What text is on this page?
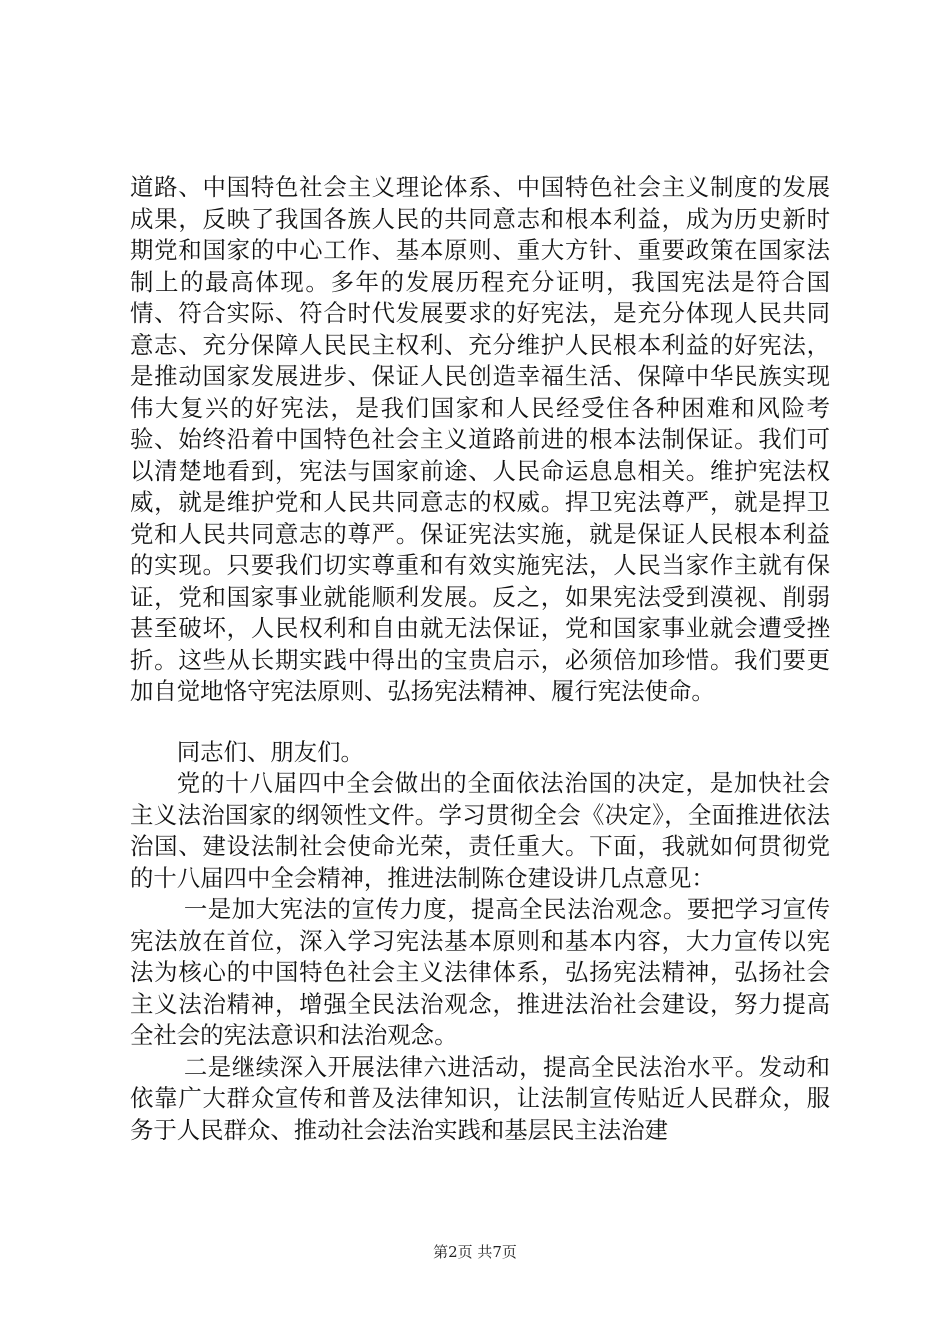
道路、中国特色社会主义理论体系、中国特色社会主义制度的发展成果，反映了我国各族人民的共同意志和根本利益，成为历史新时期党和国家的中心工作、基本原则、重大方针、重要政策在国家法制上的最高体现。多年的发展历程充分证明，我国宪法是符合国情、符合实际、符合时代发展要求的好宪法，是充分体现人民共同意志、充分保障人民民主权利、充分维护人民根本利益的好宪法，是推动国家发展进步、保证人民创造幸福生活、保障中华民族实现伟大复兴的好宪法，是我们国家和人民经受住各种困难和风险考验、始终沿着中国特色社会主义道路前进的根本法制保证。我们可以清楚地看到，宪法与国家前途、人民命运息息相关。维护宪法权威，就是维护党和人民共同意志的权威。捍卫宪法尊严，就是捍卫党和人民共同意志的尊严。保证宪法实施，就是保证人民根本利益的实现。只要我们切实尊重和有效实施宪法，人民当家作主就有保证，党和国家事业就能顺利发展。反之，如果宪法受到漠视、削弱甚至破坏，人民权利和自由就无法保证，党和国家事业就会遭受挫折。这些从长期实践中得出的宝贵启示，必须倍加珍惜。我们要更加自觉地恪守宪法原则、弘扬宪法精神、履行宪法使命。

同志们、朋友们。

党的十八届四中全会做出的全面依法治国的决定，是加快社会主义法治国家的纲领性文件。学习贯彻全会《决定》，全面推进依法治国、建设法制社会使命光荣，责任重大。下面，我就如何贯彻党的十八届四中全会精神，推进法制陈仓建设讲几点意见：

一是加大宪法的宣传力度，提高全民法治观念。要把学习宣传宪法放在首位，深入学习宪法基本原则和基本内容，大力宣传以宪法为核心的中国特色社会主义法律体系，弘扬宪法精神，弘扬社会主义法治精神，增强全民法治观念，推进法治社会建设，努力提高全社会的宪法意识和法治观念。

二是继续深入开展法律六进活动，提高全民法治水平。发动和依靠广大群众宣传和普及法律知识，让法制宣传贴近人民群众，服务于人民群众、推动社会法治实践和基层民主法治建

第2页 共7页
